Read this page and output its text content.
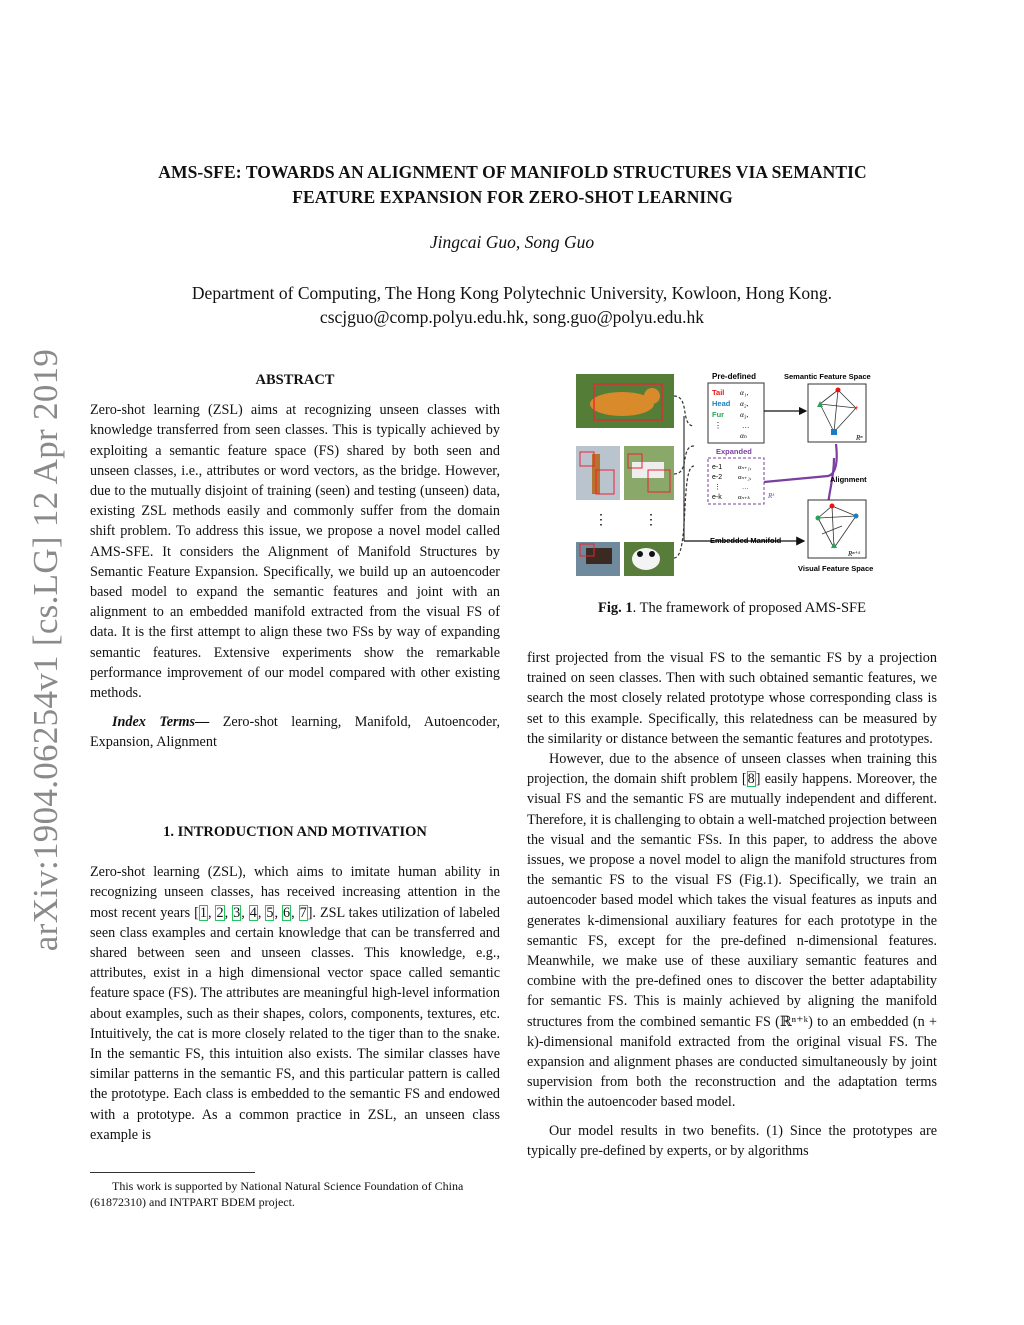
arXiv:1904.06254v1 [cs.LG] 12 Apr 2019
AMS-SFE: TOWARDS AN ALIGNMENT OF MANIFOLD STRUCTURES VIA SEMANTIC
FEATURE EXPANSION FOR ZERO-SHOT LEARNING
Jingcai Guo, Song Guo
Department of Computing, The Hong Kong Polytechnic University, Kowloon, Hong Kong.
cscjguo@comp.polyu.edu.hk, song.guo@polyu.edu.hk
ABSTRACT

Zero-shot learning (ZSL) aims at recognizing unseen classes with knowledge transferred from seen classes. This is typically achieved by exploiting a semantic feature space (FS) shared by both seen and unseen classes, i.e., attributes or word vectors, as the bridge. However, due to the mutually disjoint of training (seen) and testing (unseen) data, existing ZSL methods easily and commonly suffer from the domain shift problem. To address this issue, we propose a novel model called AMS-SFE. It considers the Alignment of Manifold Structures by Semantic Feature Expansion. Specifically, we build up an autoencoder based model to expand the semantic features and joint with an alignment to an embedded manifold extracted from the visual FS of data. It is the first attempt to align these two FSs by way of expanding semantic features. Extensive experiments show the remarkable performance improvement of our model compared with other existing methods.

Index Terms— Zero-shot learning, Manifold, Autoencoder, Expansion, Alignment

1. INTRODUCTION AND MOTIVATION

Zero-shot learning (ZSL), which aims to imitate human ability in recognizing unseen classes, has received increasing attention in the most recent years [1, 2, 3, 4, 5, 6, 7]. ZSL takes utilization of labeled seen class examples and certain knowledge that can be transferred and shared between seen and unseen classes. This knowledge, e.g., attributes, exist in a high dimensional vector space called semantic feature space (FS). The attributes are meaningful high-level information about examples, such as their shapes, colors, components, textures, etc. Intuitively, the cat is more closely related to the tiger than to the snake. In the semantic FS, this intuition also exists. The similar classes have similar patterns in the semantic FS, and this particular pattern is called the prototype. Each class is embedded to the semantic FS and endowed with a prototype. As a common practice in ZSL, an unseen class example is

This work is supported by National Natural Science Foundation of China (61872310) and INTPART BDEM project.

⋮	⋮
Pre-defined
Tail
Head
Fur
⋮
α₁,
α₂,
α₃,
…
αₙ
Expanded
e-1
e-2
⋮
e-k
αₙ₊₁,
αₙ₊₂,
…
αₙ₊ₖ	Rᵏ
Semantic Feature Space
+
Rⁿ
Alignment
Embedded Manifold
Rⁿ⁺ᵏ
Visual Feature Space
Fig. 1. The framework of proposed AMS-SFE

first projected from the visual FS to the semantic FS by a projection trained on seen classes. Then with such obtained semantic features, we search the most closely related prototype whose corresponding class is set to this example. Specifically, this relatedness can be measured by the similarity or distance between the semantic features and prototypes.

However, due to the absence of unseen classes when training this projection, the domain shift problem [8] easily happens. Moreover, the visual FS and the semantic FS are mutually independent and different. Therefore, it is challenging to obtain a well-matched projection between the visual and the semantic FSs. In this paper, to address the above issues, we propose a novel model to align the manifold structures from the semantic FS to the visual FS (Fig.1). Specifically, we train an autoencoder based model which takes the visual features as inputs and generates k-dimensional auxiliary features for each prototype in the semantic FS, except for the pre-defined n-dimensional features. Meanwhile, we make use of these auxiliary semantic features and combine with the pre-defined ones to discover the better adaptability for semantic FS. This is mainly achieved by aligning the manifold structures from the combined semantic FS (ℝⁿ⁺ᵏ) to an embedded (n + k)-dimensional manifold extracted from the original visual FS. The expansion and alignment phases are conducted simultaneously by joint supervision from both the reconstruction and the adaptation terms within the autoencoder based model.

Our model results in two benefits. (1) Since the prototypes are typically pre-defined by experts, or by algorithms
